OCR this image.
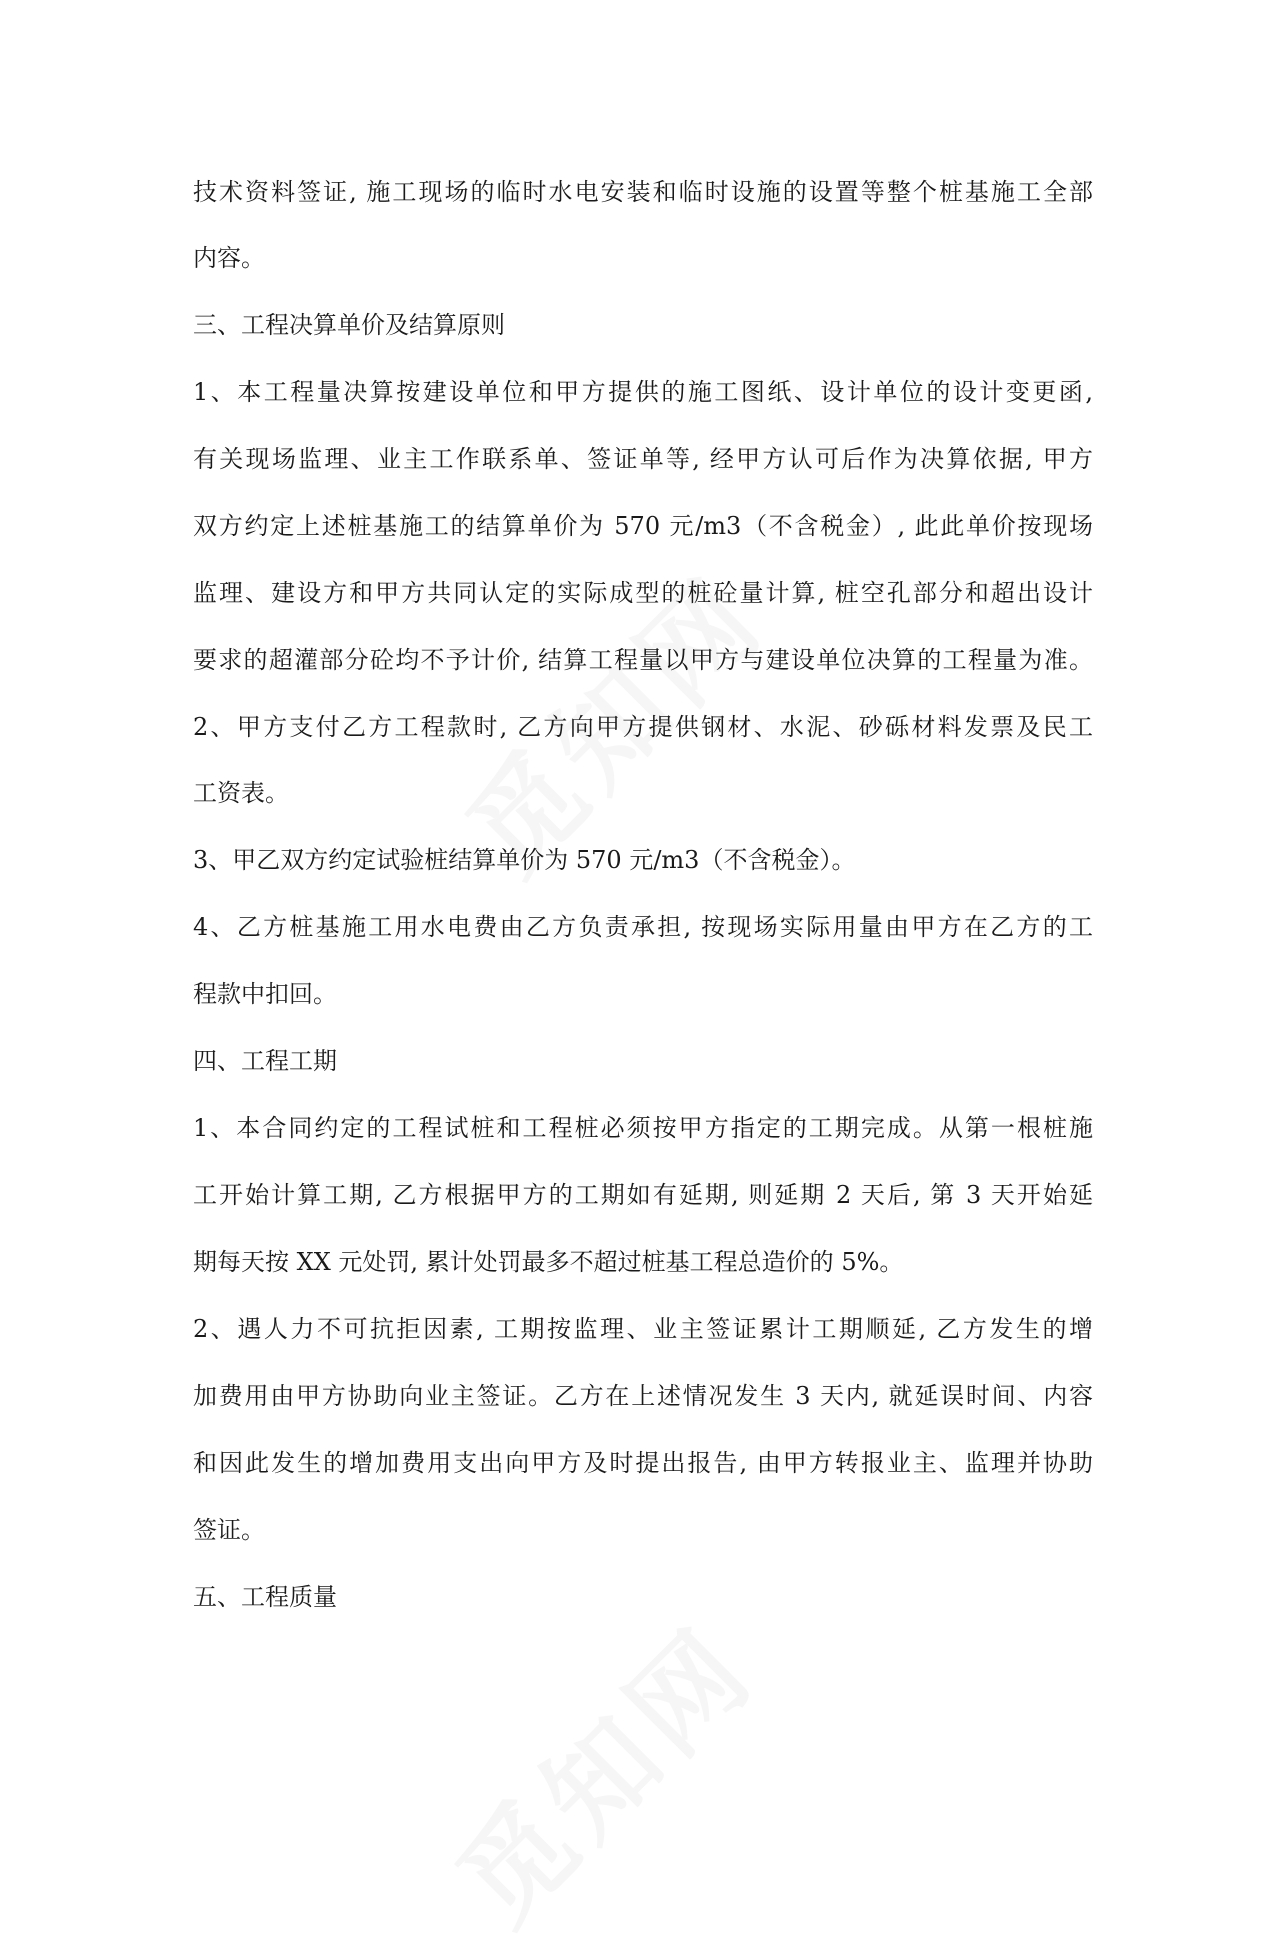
技术资料签证, 施工现场的临时水电安装和临时设施的设置等整个桩基施工全部
内容。
三、工程决算单价及结算原则
1、本工程量决算按建设单位和甲方提供的施工图纸、设计单位的设计变更函,
有关现场监理、业主工作联系单、签证单等, 经甲方认可后作为决算依据, 甲方
双方约定上述桩基施工的结算单价为 570 元/m3（不含税金）, 此此单价按现场
监理、建设方和甲方共同认定的实际成型的桩砼量计算, 桩空孔部分和超出设计
要求的超灌部分砼均不予计价, 结算工程量以甲方与建设单位决算的工程量为准。
2、甲方支付乙方工程款时, 乙方向甲方提供钢材、水泥、砂砾材料发票及民工
工资表。
3、甲乙双方约定试验桩结算单价为 570 元/m3（不含税金）。
4、乙方桩基施工用水电费由乙方负责承担, 按现场实际用量由甲方在乙方的工
程款中扣回。
四、工程工期
1、本合同约定的工程试桩和工程桩必须按甲方指定的工期完成。从第一根桩施
工开始计算工期, 乙方根据甲方的工期如有延期, 则延期 2 天后, 第 3 天开始延
期每天按 XX 元处罚, 累计处罚最多不超过桩基工程总造价的 5%。
2、遇人力不可抗拒因素, 工期按监理、业主签证累计工期顺延, 乙方发生的增
加费用由甲方协助向业主签证。乙方在上述情况发生 3 天内, 就延误时间、内容
和因此发生的增加费用支出向甲方及时提出报告, 由甲方转报业主、监理并协助
签证。
五、工程质量
